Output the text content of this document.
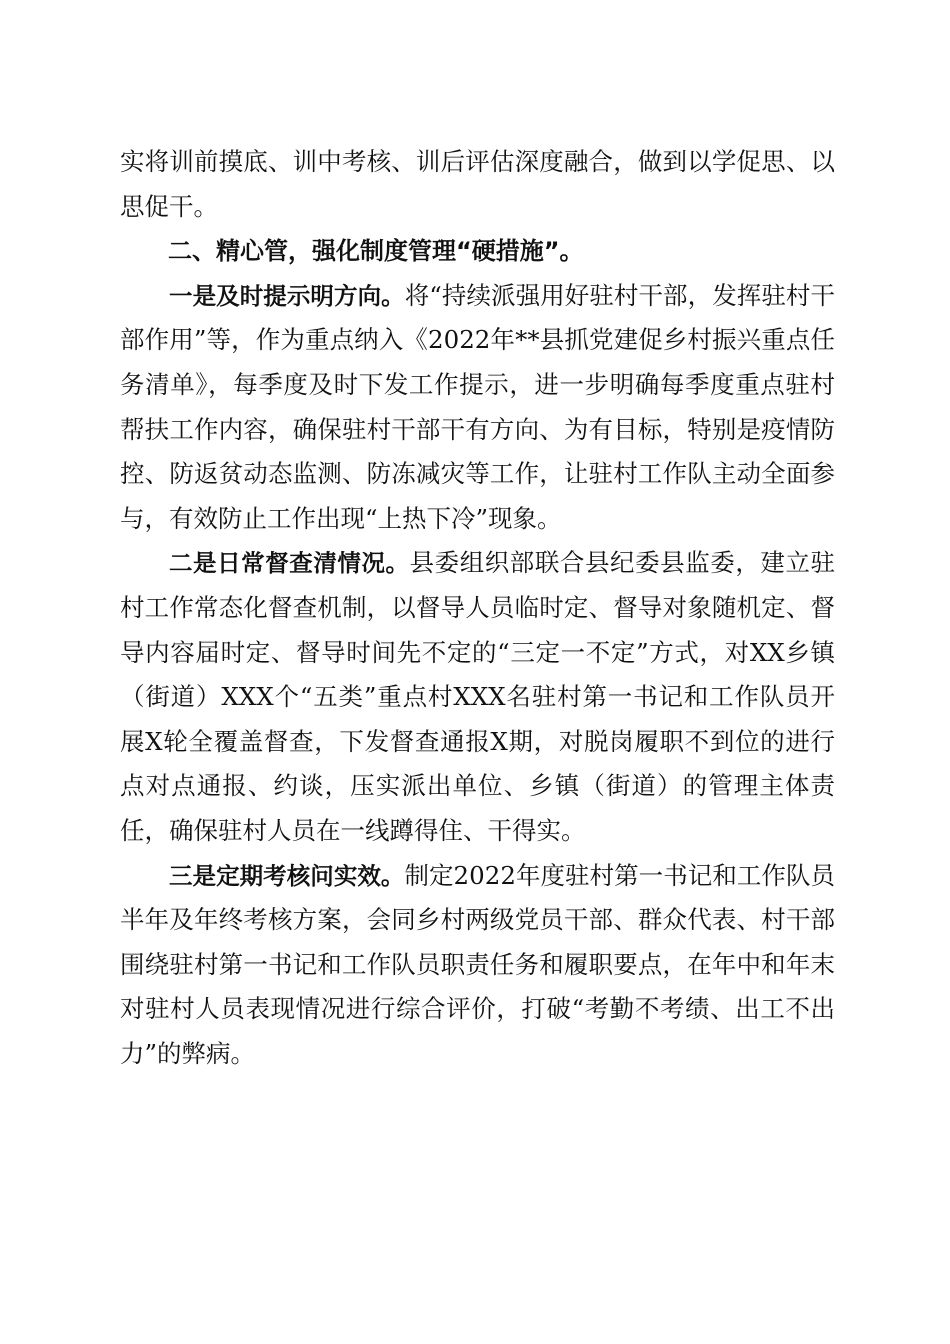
实将训前摸底、训中考核、训后评估深度融合，做到以学促思、以思促干。

二、精心管，强化制度管理“硬措施”。

一是及时提示明方向。将“持续派强用好驻村干部，发挥驻村干部作用”等，作为重点纳入《2022年**县抓党建促乡村振兴重点任务清单》，每季度及时下发工作提示，进一步明确每季度重点驻村帮扶工作内容，确保驻村干部干有方向、为有目标，特别是疫情防控、防返贫动态监测、防冻减灾等工作，让驻村工作队主动全面参与，有效防止工作出现“上热下冷”现象。

二是日常督查清情况。县委组织部联合县纪委县监委，建立驻村工作常态化督查机制，以督导人员临时定、督导对象随机定、督导内容届时定、督导时间先不定的“三定一不定”方式，对XX乡镇（街道）XXX个“五类”重点村XXX名驻村第一书记和工作队员开展X轮全覆盖督查，下发督查通报X期，对脱岗履职不到位的进行点对点通报、约谈，压实派出单位、乡镇（街道）的管理主体责任，确保驻村人员在一线蹲得住、干得实。

三是定期考核问实效。制定2022年度驻村第一书记和工作队员半年及年终考核方案，会同乡村两级党员干部、群众代表、村干部围绕驻村第一书记和工作队员职责任务和履职要点，在年中和年末对驻村人员表现情况进行综合评价，打破“考勤不考绩、出工不出力”的弊病。
